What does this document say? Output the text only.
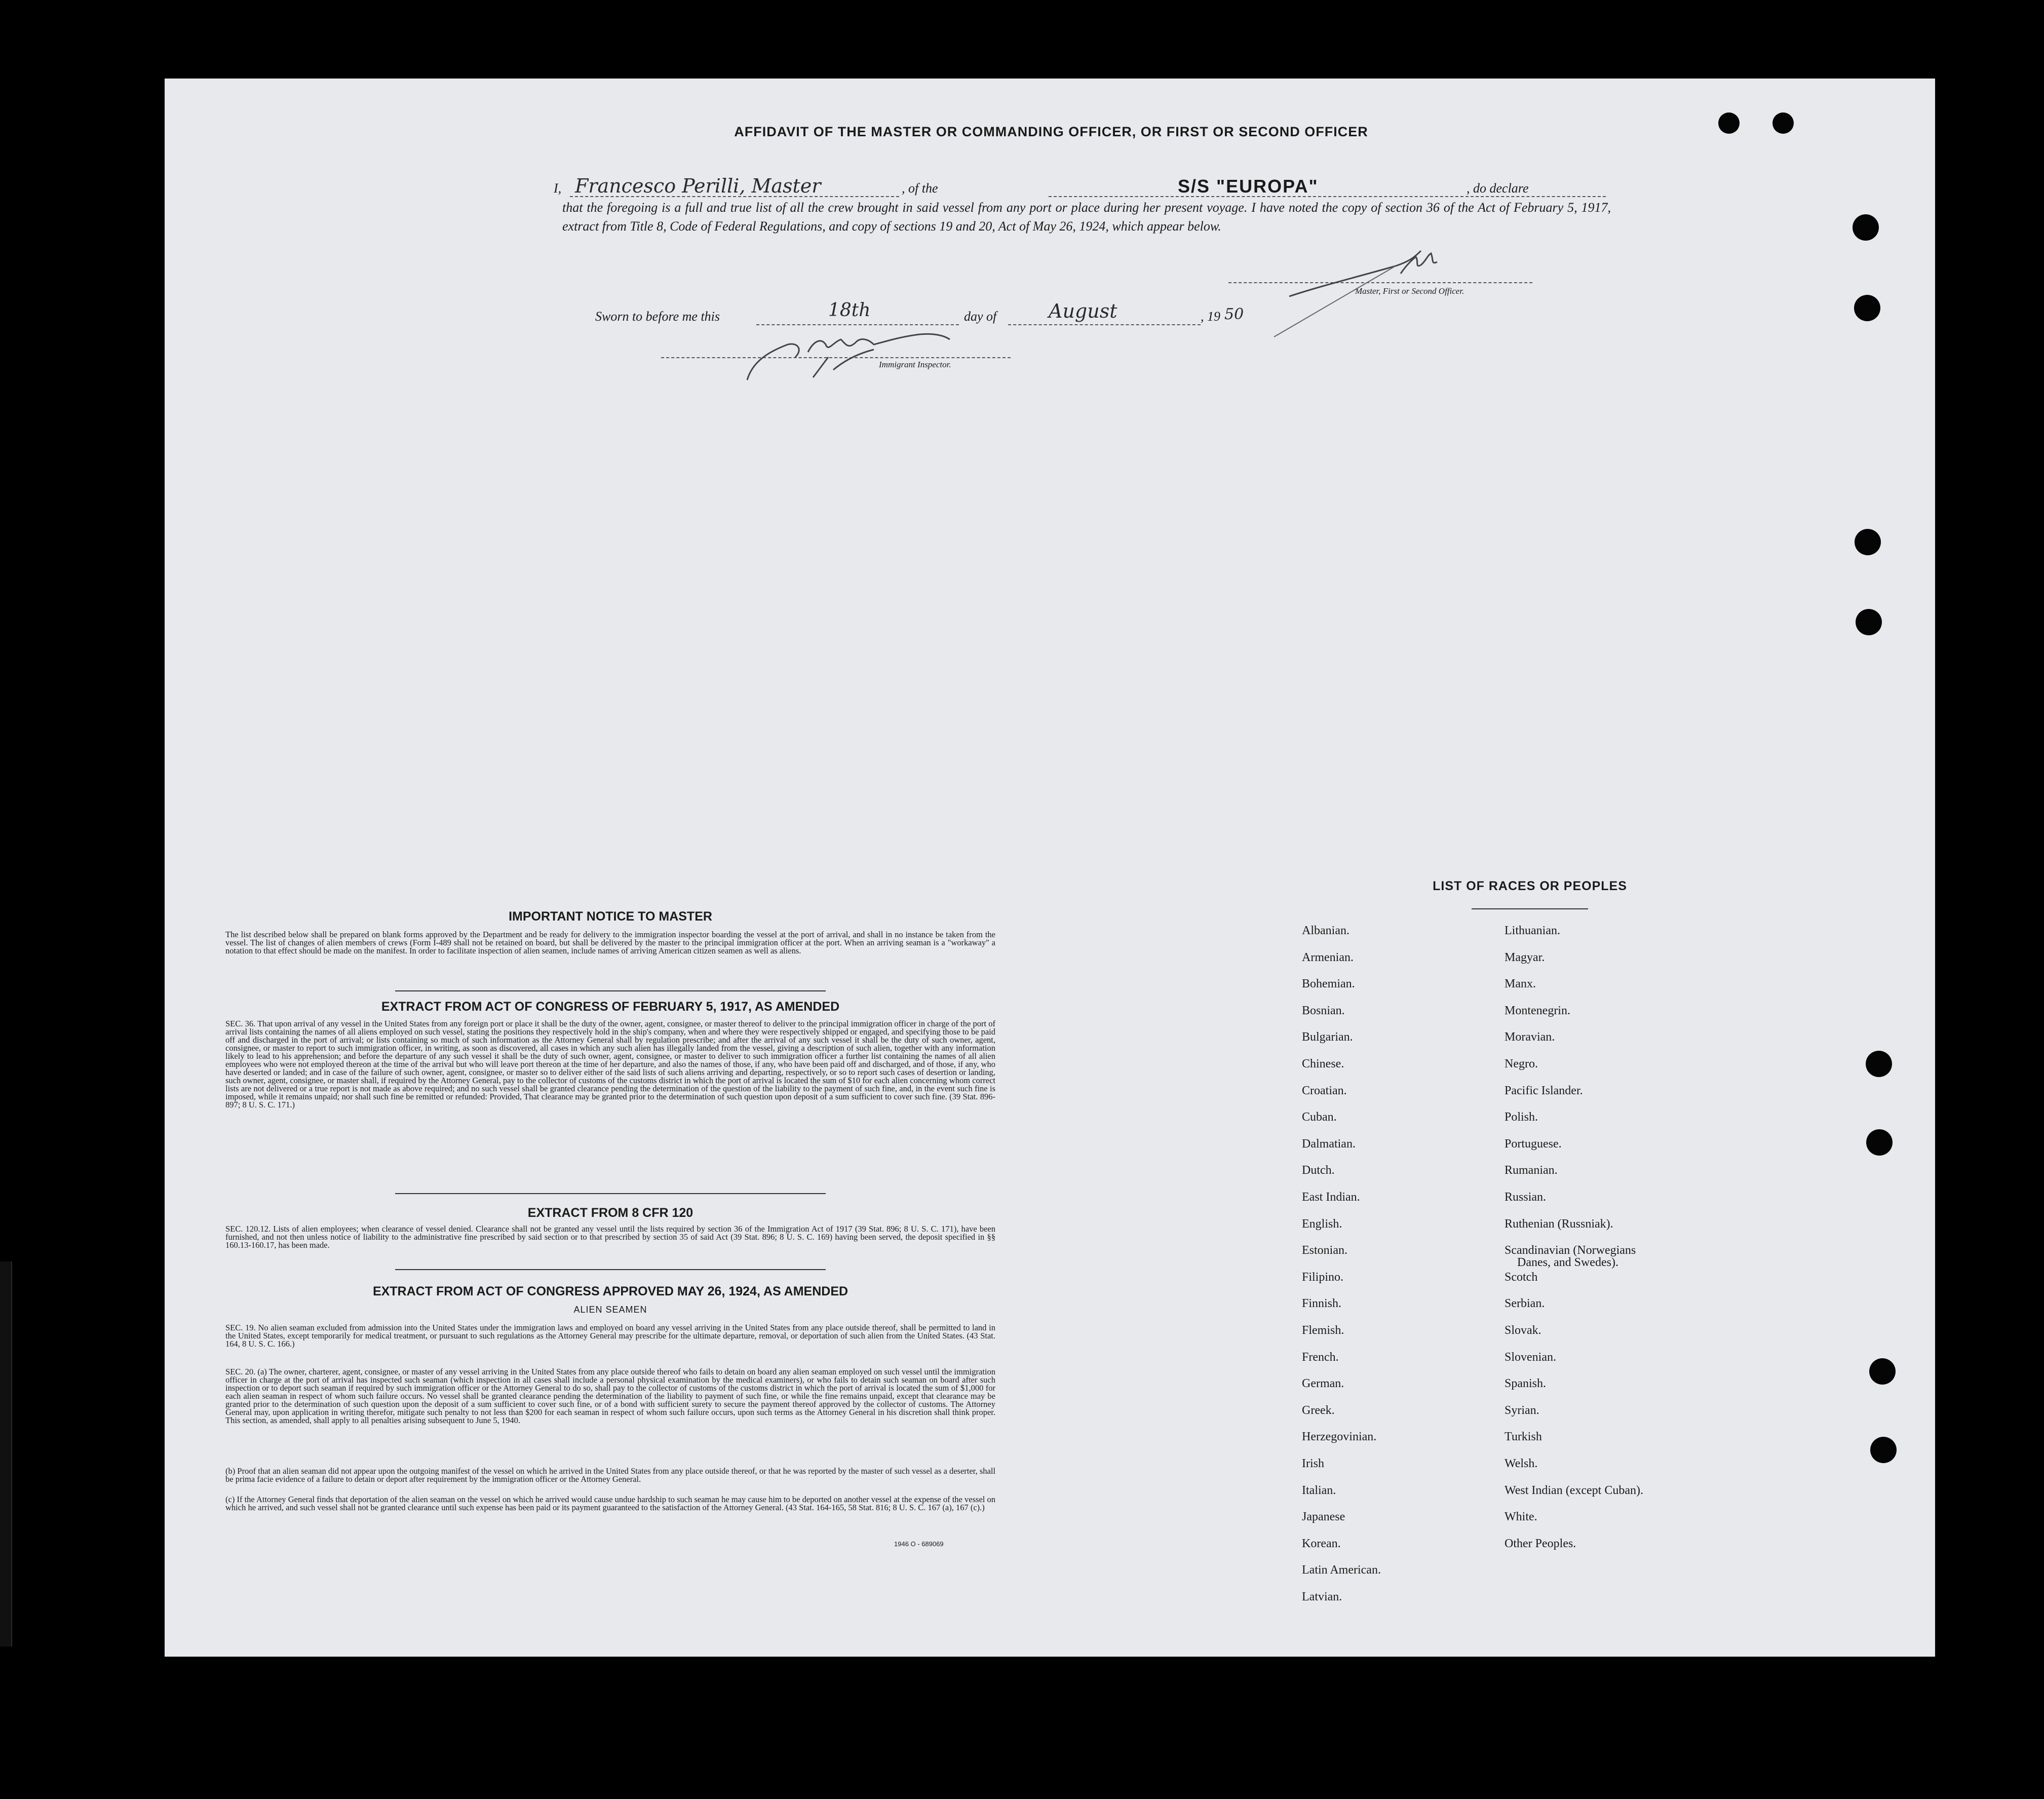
AFFIDAVIT OF THE MASTER OR COMMANDING OFFICER, OR FIRST OR SECOND OFFICER
I, Francesco Perilli, Master	, of the	S/S "EUROPA"	, do declare
that the foregoing is a full and true list of all the crew brought in said vessel from any port or place during her present voyage. I have noted the copy of section 36 of the Act of February 5, 1917, extract from Title 8, Code of Federal Regulations, and copy of sections 19 and 20, Act of May 26, 1924, which appear below.
Master, First or Second Officer.
Sworn to before me this	18th	day of	August	, 19 50
Immigrant Inspector.
IMPORTANT NOTICE TO MASTER
The list described below shall be prepared on blank forms approved by the Department and be ready for delivery to the immigration inspector boarding the vessel at the port of arrival, and shall in no instance be taken from the vessel. The list of changes of alien members of crews (Form I-489 shall not be retained on board, but shall be delivered by the master to the principal immigration officer at the port. When an arriving seaman is a "workaway" a notation to that effect should be made on the manifest. In order to facilitate inspection of alien seamen, include names of arriving American citizen seamen as well as aliens.
EXTRACT FROM ACT OF CONGRESS OF FEBRUARY 5, 1917, AS AMENDED
SEC. 36. That upon arrival of any vessel in the United States from any foreign port or place it shall be the duty of the owner, agent, consignee, or master thereof to deliver to the principal immigration officer in charge of the port of arrival lists containing the names of all aliens employed on such vessel, stating the positions they respectively hold in the ship's company, when and where they were respectively shipped or engaged, and specifying those to be paid off and discharged in the port of arrival; or lists containing so much of such information as the Attorney General shall by regulation prescribe; and after the arrival of any such vessel it shall be the duty of such owner, agent, consignee, or master to report to such immigration officer, in writing, as soon as discovered, all cases in which any such alien has illegally landed from the vessel, giving a description of such alien, together with any information likely to lead to his apprehension; and before the departure of any such vessel it shall be the duty of such owner, agent, consignee, or master to deliver to such immigration officer a further list containing the names of all alien employees who were not employed thereon at the time of the arrival but who will leave port thereon at the time of her departure, and also the names of those, if any, who have been paid off and discharged, and of those, if any, who have deserted or landed; and in case of the failure of such owner, agent, consignee, or master so to deliver either of the said lists of such aliens arriving and departing, respectively, or so to report such cases of desertion or landing, such owner, agent, consignee, or master shall, if required by the Attorney General, pay to the collector of customs of the customs district in which the port of arrival is located the sum of $10 for each alien concerning whom correct lists are not delivered or a true report is not made as above required; and no such vessel shall be granted clearance pending the determination of the question of the liability to the payment of such fine, and, in the event such fine is imposed, while it remains unpaid; nor shall such fine be remitted or refunded: Provided, That clearance may be granted prior to the determination of such question upon deposit of a sum sufficient to cover such fine. (39 Stat. 896-897; 8 U. S. C. 171.)
EXTRACT FROM 8 CFR 120
SEC. 120.12. Lists of alien employees; when clearance of vessel denied. Clearance shall not be granted any vessel until the lists required by section 36 of the Immigration Act of 1917 (39 Stat. 896; 8 U. S. C. 171), have been furnished, and not then unless notice of liability to the administrative fine prescribed by said section or to that prescribed by section 35 of said Act (39 Stat. 896; 8 U. S. C. 169) having been served, the deposit specified in §§ 160.13-160.17, has been made.
EXTRACT FROM ACT OF CONGRESS APPROVED MAY 26, 1924, AS AMENDED
ALIEN SEAMEN
SEC. 19. No alien seaman excluded from admission into the United States under the immigration laws and employed on board any vessel arriving in the United States from any place outside thereof, shall be permitted to land in the United States, except temporarily for medical treatment, or pursuant to such regulations as the Attorney General may prescribe for the ultimate departure, removal, or deportation of such alien from the United States. (43 Stat. 164, 8 U. S. C. 166.)
SEC. 20. (a) The owner, charterer, agent, consignee, or master of any vessel arriving in the United States from any place outside thereof who fails to detain on board any alien seaman employed on such vessel until the immigration officer in charge at the port of arrival has inspected such seaman (which inspection in all cases shall include a personal physical examination by the medical examiners), or who fails to detain such seaman on board after such inspection or to deport such seaman if required by such immigration officer or the Attorney General to do so, shall pay to the collector of customs of the customs district in which the port of arrival is located the sum of $1,000 for each alien seaman in respect of whom such failure occurs. No vessel shall be granted clearance pending the determination of the liability to payment of such fine, or while the fine remains unpaid, except that clearance may be granted prior to the determination of such question upon the deposit of a sum sufficient to cover such fine, or of a bond with sufficient surety to secure the payment thereof approved by the collector of customs. The Attorney General may, upon application in writing therefor, mitigate such penalty to not less than $200 for each seaman in respect of whom such failure occurs, upon such terms as the Attorney General in his discretion shall think proper. This section, as amended, shall apply to all penalties arising subsequent to June 5, 1940.
(b) Proof that an alien seaman did not appear upon the outgoing manifest of the vessel on which he arrived in the United States from any place outside thereof, or that he was reported by the master of such vessel as a deserter, shall be prima facie evidence of a failure to detain or deport after requirement by the immigration officer or the Attorney General.
(c) If the Attorney General finds that deportation of the alien seaman on the vessel on which he arrived would cause undue hardship to such seaman he may cause him to be deported on another vessel at the expense of the vessel on which he arrived, and such vessel shall not be granted clearance until such expense has been paid or its payment guaranteed to the satisfaction of the Attorney General. (43 Stat. 164-165, 58 Stat. 816; 8 U. S. C. 167 (a), 167 (c).)
1946 O - 689069
LIST OF RACES OR PEOPLES
Albanian.
Armenian.
Bohemian.
Bosnian.
Bulgarian.
Chinese.
Croatian.
Cuban.
Dalmatian.
Dutch.
East Indian.
English.
Estonian.
Filipino.
Finnish.
Flemish.
French.
German.
Greek.
Herzegovinian.
Irish
Italian.
Japanese
Korean.
Latin American.
Latvian.
Lithuanian.
Magyar.
Manx.
Montenegrin.
Moravian.
Negro.
Pacific Islander.
Polish.
Portuguese.
Rumanian.
Russian.
Ruthenian (Russniak).
Scandinavian (Norwegians
Danes, and Swedes).
Scotch
Serbian.
Slovak.
Slovenian.
Spanish.
Syrian.
Turkish
Welsh.
West Indian (except Cuban).
White.
Other Peoples.
